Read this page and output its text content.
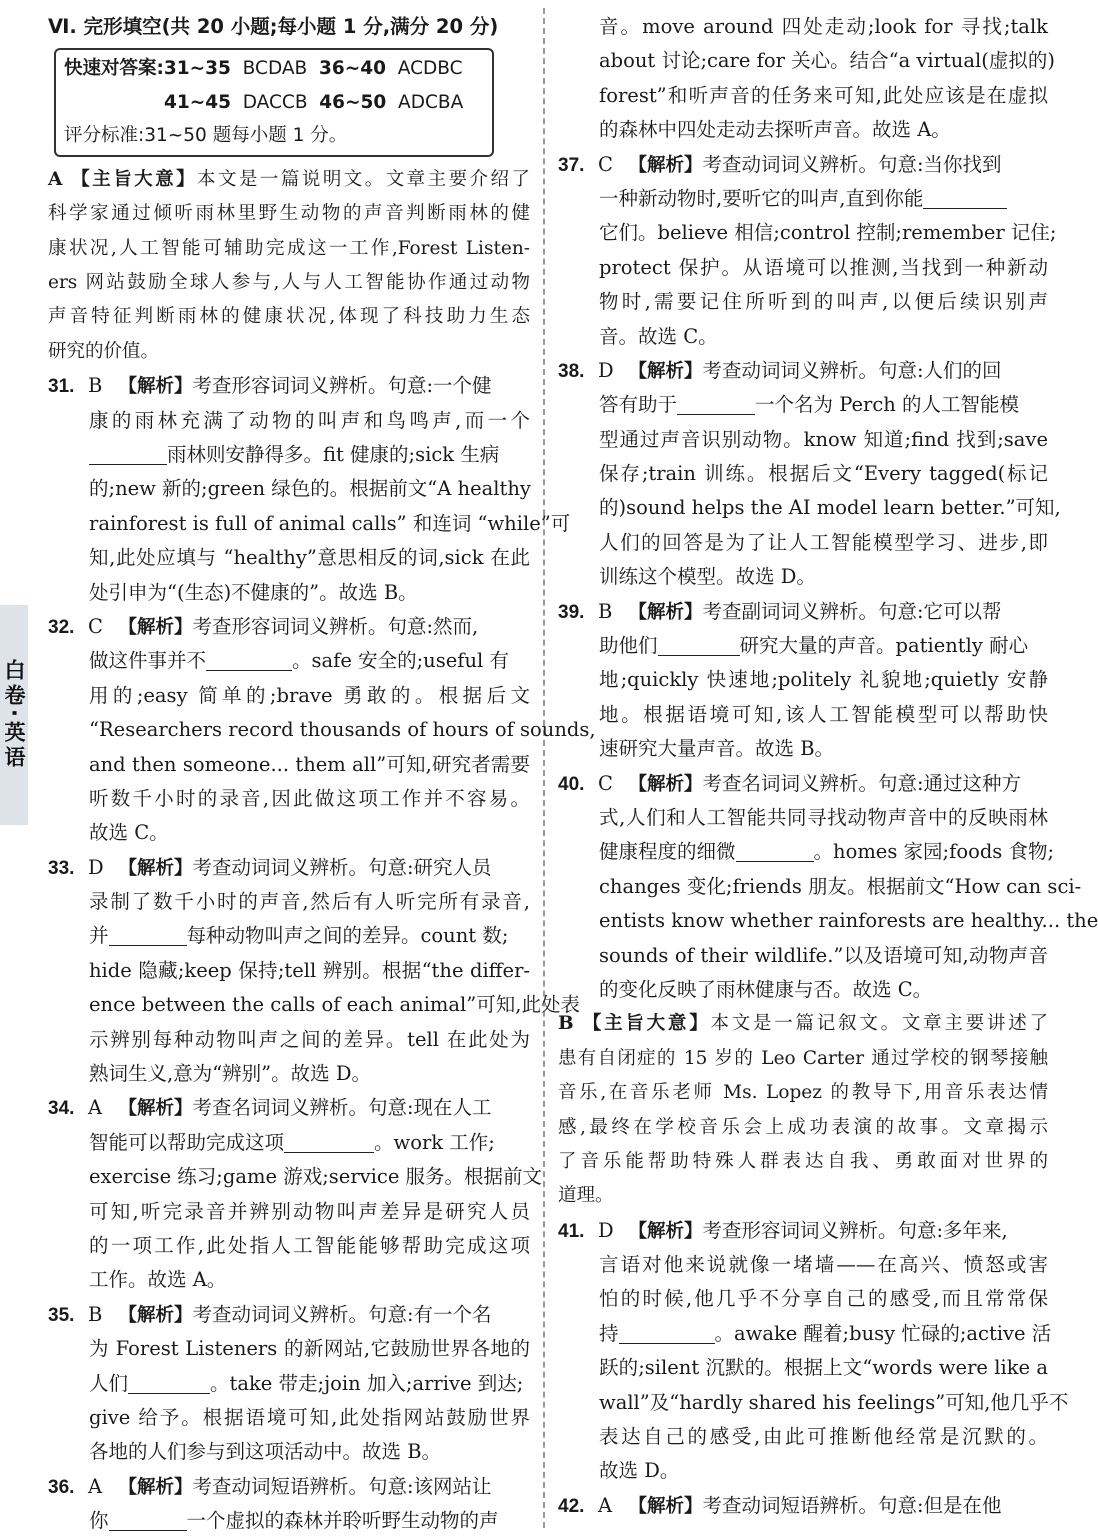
白卷·英语
Ⅵ. 完形填空(共 20 小题;每小题 1 分,满分 20 分)
快速对答案:31~35  BCDAB  36~40  ACDBC
41~45  DACCB  46~50  ADCBA
评分标准:31~50 题每小题 1 分。
A 【主旨大意】本文是一篇说明文。文章主要介绍了
科学家通过倾听雨林里野生动物的声音判断雨林的健
康状况,人工智能可辅助完成这一工作,Forest Listen-
ers 网站鼓励全球人参与,人与人工智能协作通过动物
声音特征判断雨林的健康状况,体现了科技助力生态
研究的价值。
31. B 【解析】考查形容词词义辨析。句意:一个健
康的雨林充满了动物的叫声和鸟鸣声,而一个
雨林则安静得多。fit 健康的;sick 生病
的;new 新的;green 绿色的。根据前文“A healthy
rainforest is full of animal calls” 和连词 “while”可
知,此处应填与 “healthy”意思相反的词,sick 在此
处引申为“(生态)不健康的”。故选 B。
32. C 【解析】考查形容词词义辨析。句意:然而,
做这件事并不	。safe 安全的;useful 有
用的;easy 简单的;brave 勇敢的。根据后文
“Researchers record thousands of hours of sounds,
and then someone... them all”可知,研究者需要
听数千小时的录音,因此做这项工作并不容易。
故选 C。
33. D 【解析】考查动词词义辨析。句意:研究人员
录制了数千小时的声音,然后有人听完所有录音,
并	每种动物叫声之间的差异。count 数;
hide 隐藏;keep 保持;tell 辨别。根据“the differ-
ence between the calls of each animal”可知,此处表
示辨别每种动物叫声之间的差异。tell 在此处为
熟词生义,意为“辨别”。故选 D。
34. A 【解析】考查名词词义辨析。句意:现在人工
智能可以帮助完成这项	。work 工作;
exercise 练习;game 游戏;service 服务。根据前文
可知,听完录音并辨别动物叫声差异是研究人员
的一项工作,此处指人工智能能够帮助完成这项
工作。故选 A。
35. B 【解析】考查动词词义辨析。句意:有一个名
为 Forest Listeners 的新网站,它鼓励世界各地的
人们	。take 带走;join 加入;arrive 到达;
give 给予。根据语境可知,此处指网站鼓励世界
各地的人们参与到这项活动中。故选 B。
36. A 【解析】考查动词短语辨析。句意:该网站让
你	一个虚拟的森林并聆听野生动物的声
音。move around 四处走动;look for 寻找;talk
about 讨论;care for 关心。结合“a virtual(虚拟的)
forest”和听声音的任务来可知,此处应该是在虚拟
的森林中四处走动去探听声音。故选 A。
37. C 【解析】考查动词词义辨析。句意:当你找到
一种新动物时,要听它的叫声,直到你能
它们。believe 相信;control 控制;remember 记住;
protect 保护。从语境可以推测,当找到一种新动
物时,需要记住所听到的叫声,以便后续识别声
音。故选 C。
38. D 【解析】考查动词词义辨析。句意:人们的回
答有助于	一个名为 Perch 的人工智能模
型通过声音识别动物。know 知道;find 找到;save
保存;train 训练。根据后文“Every tagged(标记
的)sound helps the AI model learn better.”可知,
人们的回答是为了让人工智能模型学习、进步,即
训练这个模型。故选 D。
39. B 【解析】考查副词词义辨析。句意:它可以帮
助他们	研究大量的声音。patiently 耐心
地;quickly 快速地;politely 礼貌地;quietly 安静
地。根据语境可知,该人工智能模型可以帮助快
速研究大量声音。故选 B。
40. C 【解析】考查名词词义辨析。句意:通过这种方
式,人们和人工智能共同寻找动物声音中的反映雨林
健康程度的细微	。homes 家园;foods 食物;
changes 变化;friends 朋友。根据前文“How can sci-
entists know whether rainforests are healthy... the
sounds of their wildlife.”以及语境可知,动物声音
的变化反映了雨林健康与否。故选 C。
B 【主旨大意】本文是一篇记叙文。文章主要讲述了
患有自闭症的 15 岁的 Leo Carter 通过学校的钢琴接触
音乐,在音乐老师 Ms. Lopez 的教导下,用音乐表达情
感,最终在学校音乐会上成功表演的故事。文章揭示
了音乐能帮助特殊人群表达自我、勇敢面对世界的
道理。
41. D 【解析】考查形容词词义辨析。句意:多年来,
言语对他来说就像一堵墙——在高兴、愤怒或害
怕的时候,他几乎不分享自己的感受,而且常常保
持	。awake 醒着;busy 忙碌的;active 活
跃的;silent 沉默的。根据上文“words were like a
wall”及“hardly shared his feelings”可知,他几乎不
表达自己的感受,由此可推断他经常是沉默的。
故选 D。
42. A 【解析】考查动词短语辨析。句意:但是在他
